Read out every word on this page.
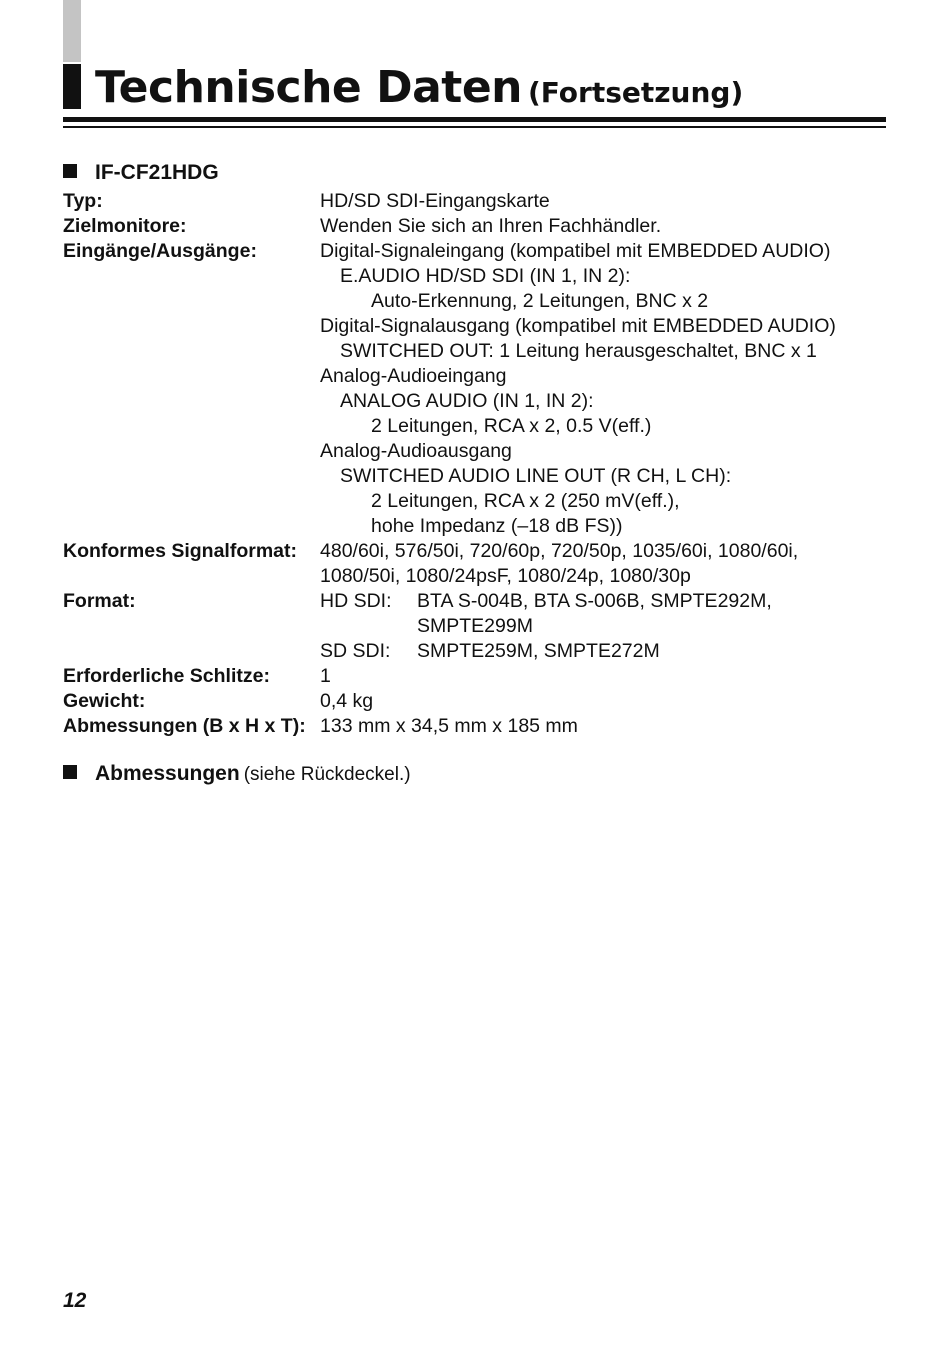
Technische Daten (Fortsetzung)
IF-CF21HDG
Typ:	HD/SD SDI-Eingangskarte
Zielmonitore:	Wenden Sie sich an Ihren Fachhändler.
Eingänge/Ausgänge:	Digital-Signaleingang (kompatibel mit EMBEDDED AUDIO)
E.AUDIO HD/SD SDI (IN 1, IN 2):
Auto-Erkennung, 2 Leitungen, BNC x 2
Digital-Signalausgang (kompatibel mit EMBEDDED AUDIO)
SWITCHED OUT: 1 Leitung herausgeschaltet, BNC x 1
Analog-Audioeingang
ANALOG AUDIO (IN 1, IN 2):
2 Leitungen, RCA x 2, 0.5 V(eff.)
Analog-Audioausgang
SWITCHED AUDIO LINE OUT (R CH, L CH):
2 Leitungen, RCA x 2 (250 mV(eff.),
hohe Impedanz (–18 dB FS))
Konformes Signalformat: 480/60i, 576/50i, 720/60p, 720/50p, 1035/60i, 1080/60i,
1080/50i, 1080/24psF, 1080/24p, 1080/30p
Format:	HD SDI: BTA S-004B, BTA S-006B, SMPTE292M,
SMPTE299M
SD SDI: SMPTE259M, SMPTE272M
Erforderliche Schlitze:	1
Gewicht:	0,4 kg
Abmessungen (B x H x T): 133 mm x 34,5 mm x 185 mm
Abmessungen (siehe Rückdeckel.)
12
